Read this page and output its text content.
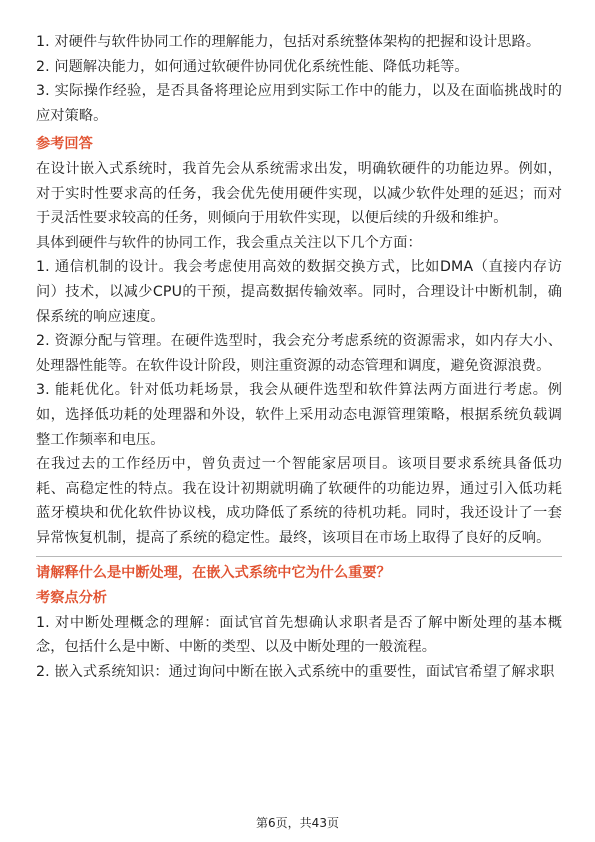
1. 对硬件与软件协同工作的理解能力，包括对系统整体架构的把握和设计思路。

2. 问题解决能力，如何通过软硬件协同优化系统性能、降低功耗等。

3. 实际操作经验，是否具备将理论应用到实际工作中的能力，以及在面临挑战时的应对策略。

参考回答

在设计嵌入式系统时，我首先会从系统需求出发，明确软硬件的功能边界。例如，对于实时性要求高的任务，我会优先使用硬件实现，以减少软件处理的延迟；而对于灵活性要求较高的任务，则倾向于用软件实现，以便后续的升级和维护。

具体到硬件与软件的协同工作，我会重点关注以下几个方面：

1. 通信机制的设计。我会考虑使用高效的数据交换方式，比如DMA（直接内存访问）技术，以减少CPU的干预，提高数据传输效率。同时，合理设计中断机制，确保系统的响应速度。

2. 资源分配与管理。在硬件选型时，我会充分考虑系统的资源需求，如内存大小、处理器性能等。在软件设计阶段，则注重资源的动态管理和调度，避免资源浪费。

3. 能耗优化。针对低功耗场景，我会从硬件选型和软件算法两方面进行考虑。例如，选择低功耗的处理器和外设，软件上采用动态电源管理策略，根据系统负载调整工作频率和电压。

在我过去的工作经历中，曾负责过一个智能家居项目。该项目要求系统具备低功耗、高稳定性的特点。我在设计初期就明确了软硬件的功能边界，通过引入低功耗蓝牙模块和优化软件协议栈，成功降低了系统的待机功耗。同时，我还设计了一套异常恢复机制，提高了系统的稳定性。最终，该项目在市场上取得了良好的反响。

请解释什么是中断处理，在嵌入式系统中它为什么重要？
考察点分析

1. 对中断处理概念的理解：面试官首先想确认求职者是否了解中断处理的基本概念，包括什么是中断、中断的类型、以及中断处理的一般流程。

2. 嵌入式系统知识：通过询问中断在嵌入式系统中的重要性，面试官希望了解求职

第6页，共43页
